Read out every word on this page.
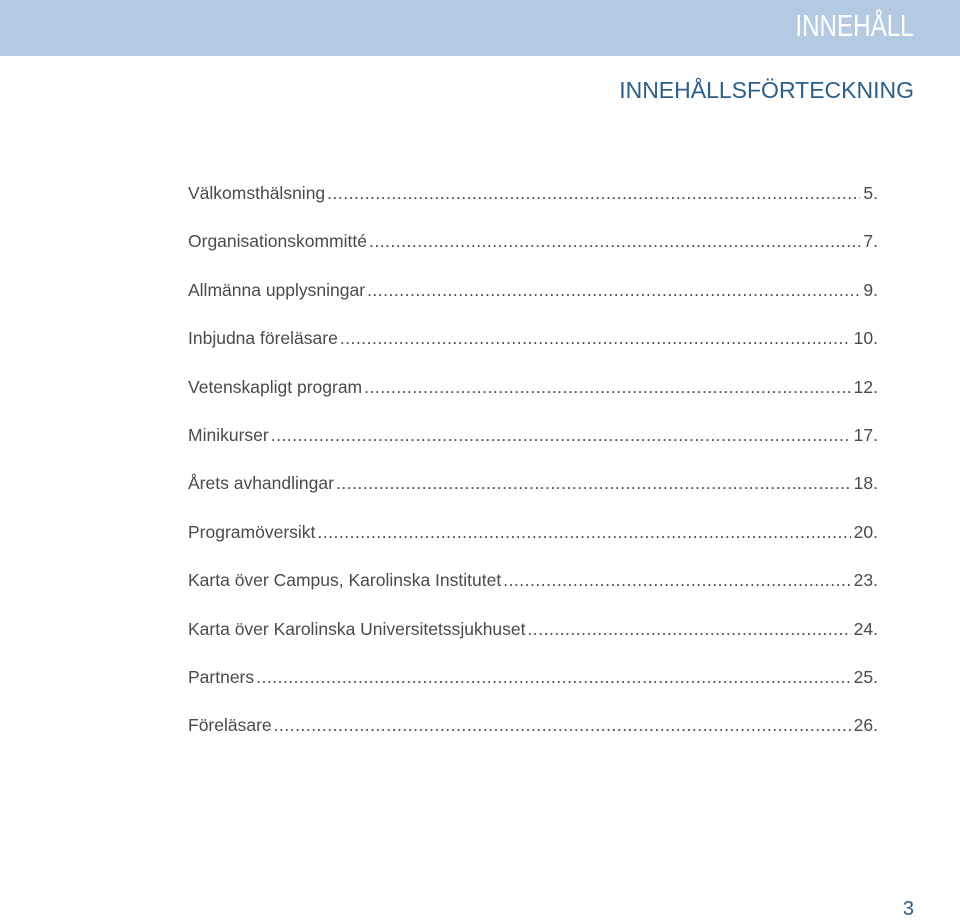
INNEHÅLL
INNEHÅLLSFÖRTECKNING
Välkomsthälsning .....	5.
Organisationskommitté .....	7.
Allmänna upplysningar .....	9.
Inbjudna föreläsare .....	10.
Vetenskapligt program .....	12.
Minikurser .....	17.
Årets avhandlingar .....	18.
Programöversikt .....	20.
Karta över Campus, Karolinska Institutet .....	23.
Karta över Karolinska Universitetssjukhuset .....	24.
Partners .....	25.
Föreläsare .....	26.
3
